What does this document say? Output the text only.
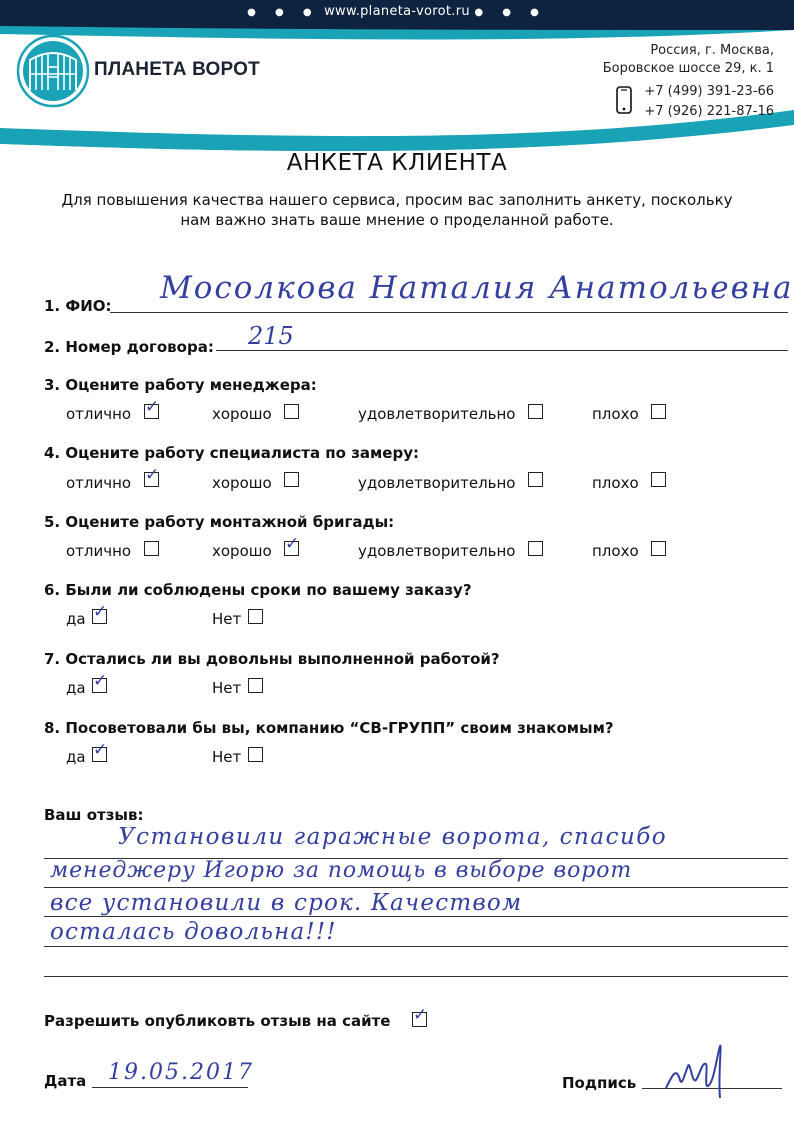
● ● ● www.planeta-vorot.ru ● ● ●
ПЛАНЕТА ВОРОТ
Россия, г. Москва,
Боровское шоссе 29, к. 1
+7 (499) 391-23-66
+7 (926) 221-87-16
АНКЕТА КЛИЕНТА
Для повышения качества нашего сервиса, просим вас заполнить анкету, поскольку
нам важно знать ваше мнение о проделанной работе.
1. ФИО: Мосолкова Наталия Анатольевна
2. Номер договора: 215
3. Оцените работу менеджера:
отлично ✓	хорошо	удовлетворительно	плохо
4. Оцените работу специалиста по замеру:
отлично ✓	хорошо	удовлетворительно	плохо
5. Оцените работу монтажной бригады:
отлично	хорошо ✓	удовлетворительно	плохо
6. Были ли соблюдены сроки по вашему заказу?
да ✓	Нет
7. Остались ли вы довольны выполненной работой?
да ✓	Нет
8. Посоветовали бы вы, компанию “СВ-ГРУПП” своим знакомым?
да ✓	Нет
Ваш отзыв:
Установили гаражные ворота, спасибо
менеджеру Игорю за помощь в выборе ворот
все установили в срок. Качеством
осталась довольна!!!
Разрешить опубликовть отзыв на сайте ✓
Дата 19.05.2017	Подпись
